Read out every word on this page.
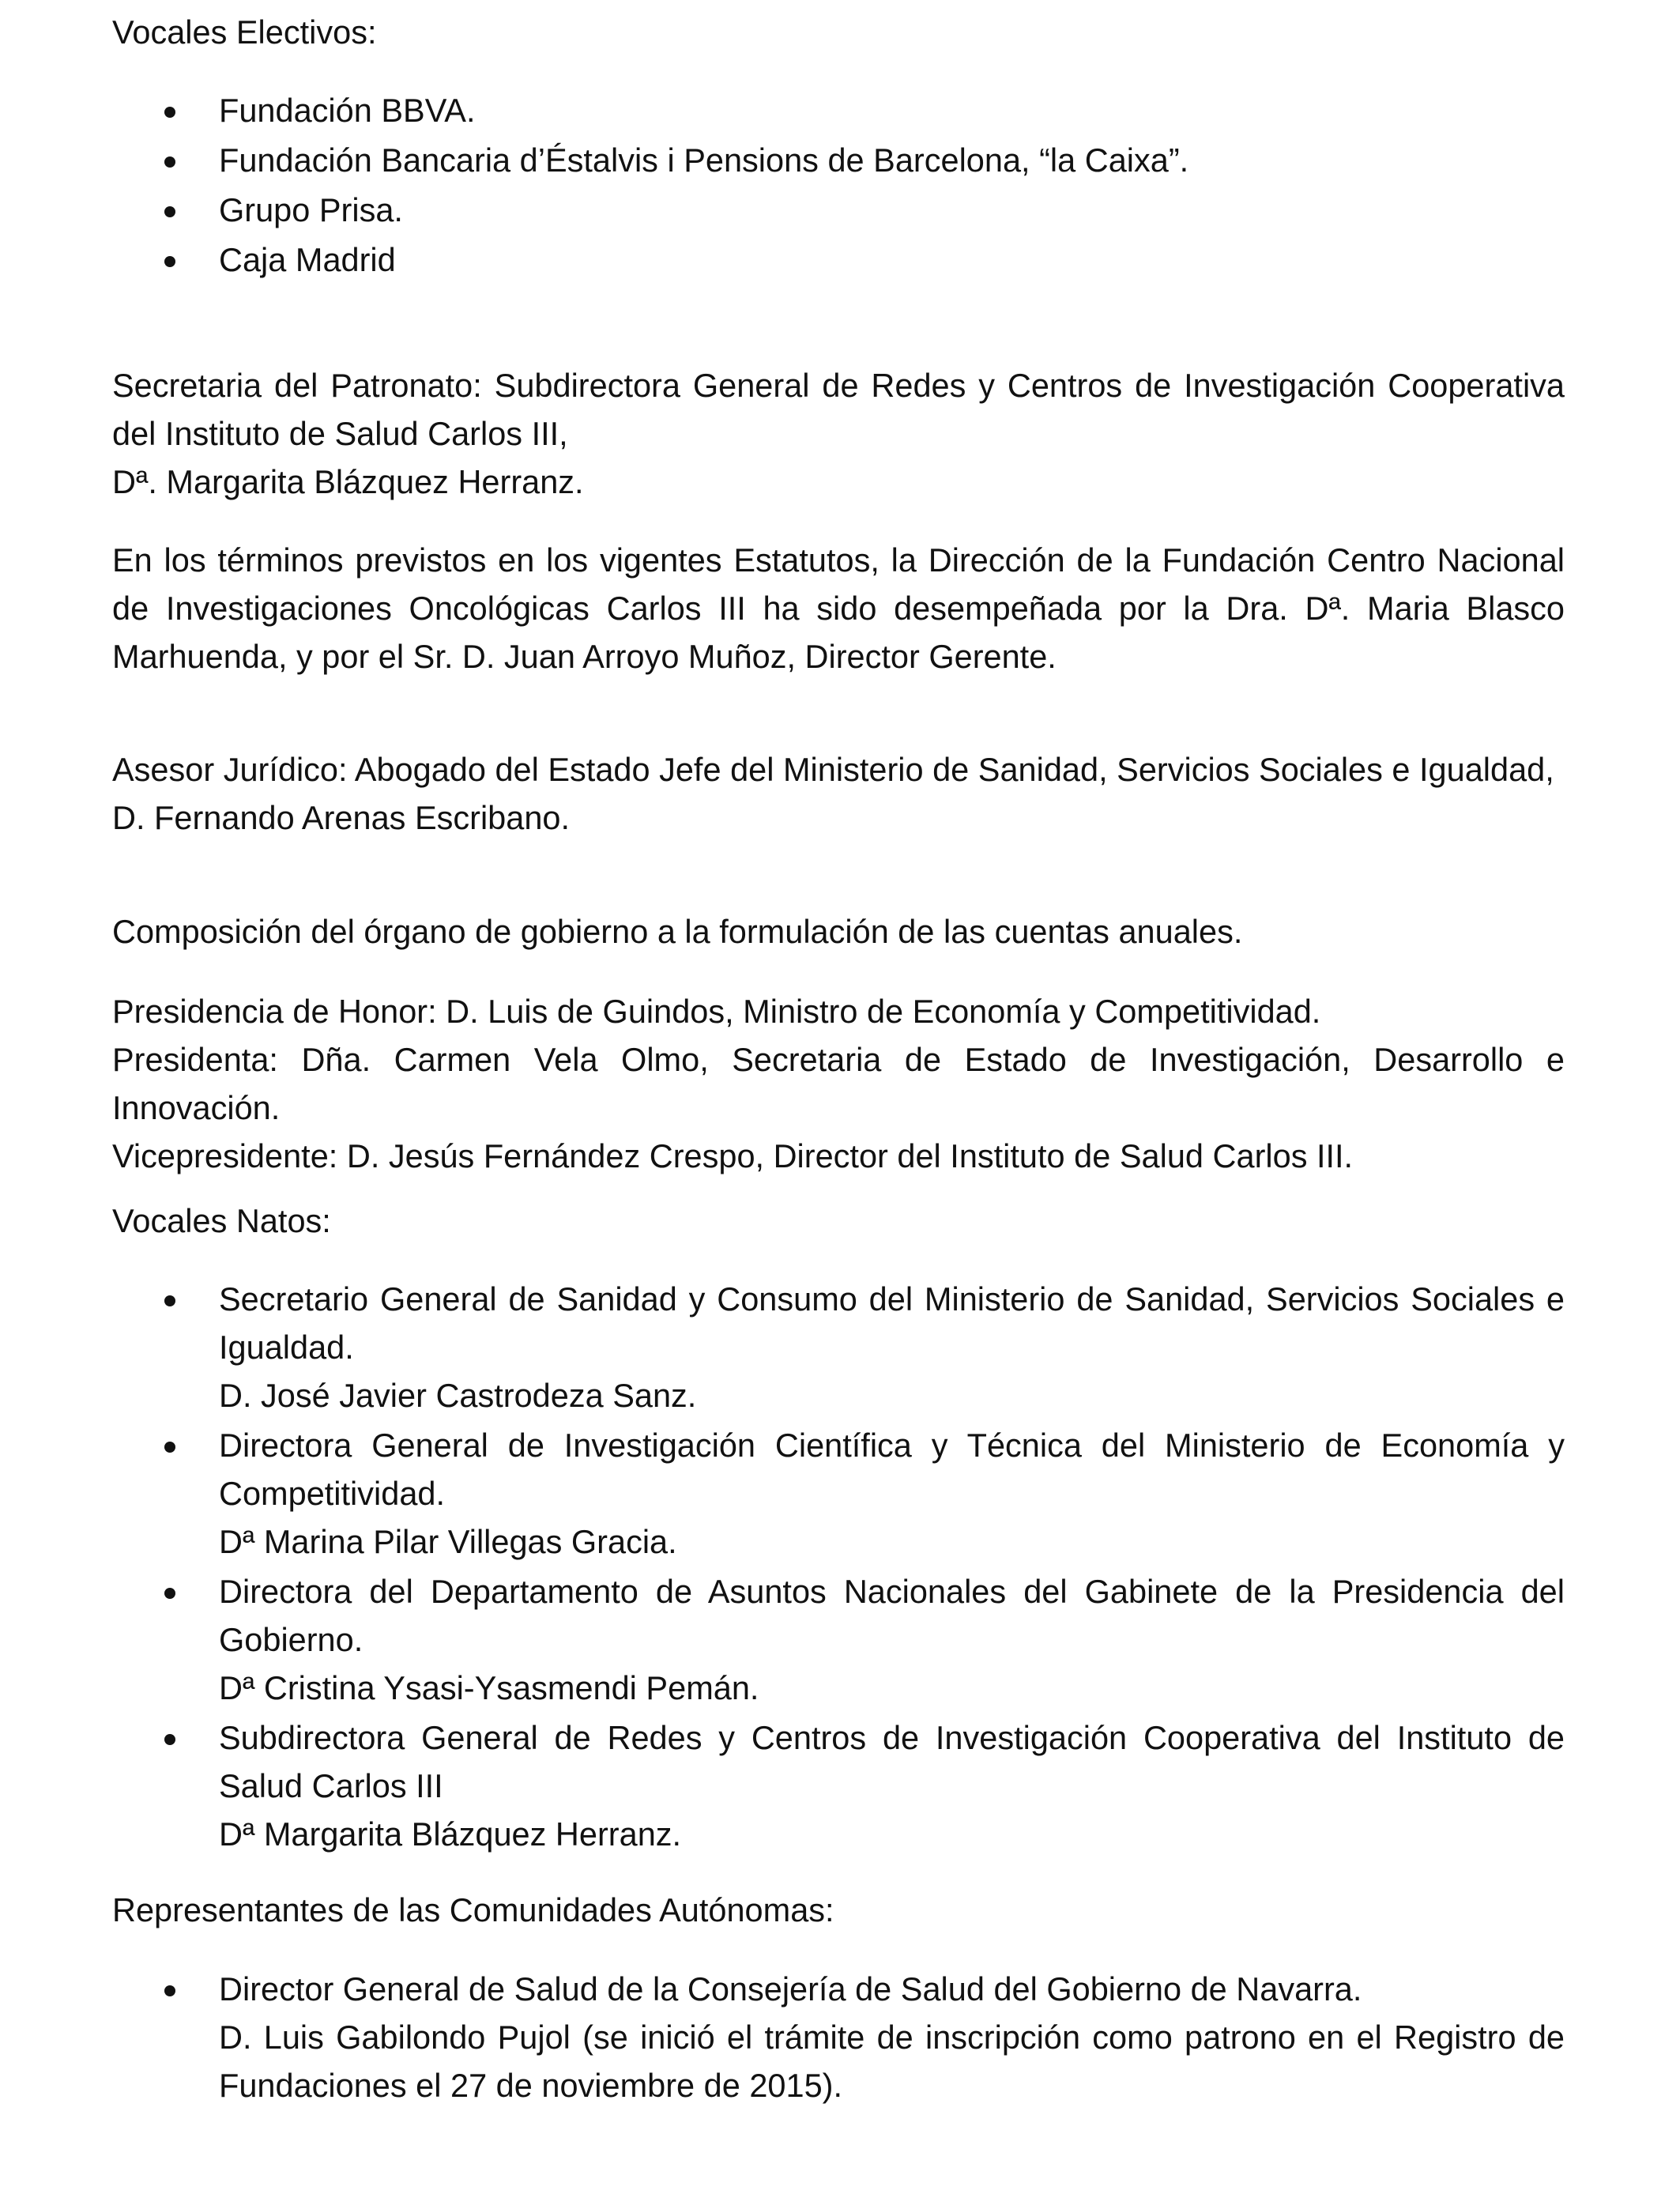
Vocales Electivos:

Fundación BBVA.
Fundación Bancaria d’Éstalvis i Pensions de Barcelona, “la Caixa”.
Grupo Prisa.
Caja Madrid

Secretaria del Patronato: Subdirectora General de Redes y Centros de Investigación Cooperativa del Instituto de Salud Carlos III,

Dª. Margarita Blázquez Herranz.

En los términos previstos en los vigentes Estatutos, la Dirección de la Fundación Centro Nacional de Investigaciones Oncológicas Carlos III ha sido desempeñada por la Dra. Dª. Maria Blasco Marhuenda, y por el Sr. D. Juan Arroyo Muñoz, Director Gerente.

Asesor Jurídico: Abogado del Estado Jefe del Ministerio de Sanidad, Servicios Sociales e Igualdad,

D. Fernando Arenas Escribano.

Composición del órgano de gobierno a la formulación de las cuentas anuales.

Presidencia de Honor: D. Luis de Guindos, Ministro de Economía y Competitividad.

Presidenta: Dña. Carmen Vela Olmo, Secretaria de Estado de Investigación, Desarrollo e Innovación.

Vicepresidente: D. Jesús Fernández Crespo, Director del Instituto de Salud Carlos III.

Vocales Natos:

Secretario General de Sanidad y Consumo del Ministerio de Sanidad, Servicios Sociales e Igualdad.
D. José Javier Castrodeza Sanz.
Directora General de Investigación Científica y Técnica del Ministerio de Economía y Competitividad.
Dª Marina Pilar Villegas Gracia.
Directora del Departamento de Asuntos Nacionales del Gabinete de la Presidencia del Gobierno.
Dª Cristina Ysasi-Ysasmendi Pemán.
Subdirectora General de Redes y Centros de Investigación Cooperativa del Instituto de Salud Carlos III
Dª Margarita Blázquez Herranz.

Representantes de las Comunidades Autónomas:

Director General de Salud de la Consejería de Salud del Gobierno de Navarra.
D. Luis Gabilondo Pujol (se inició el trámite de inscripción como patrono en el Registro de Fundaciones el 27 de noviembre de 2015).
